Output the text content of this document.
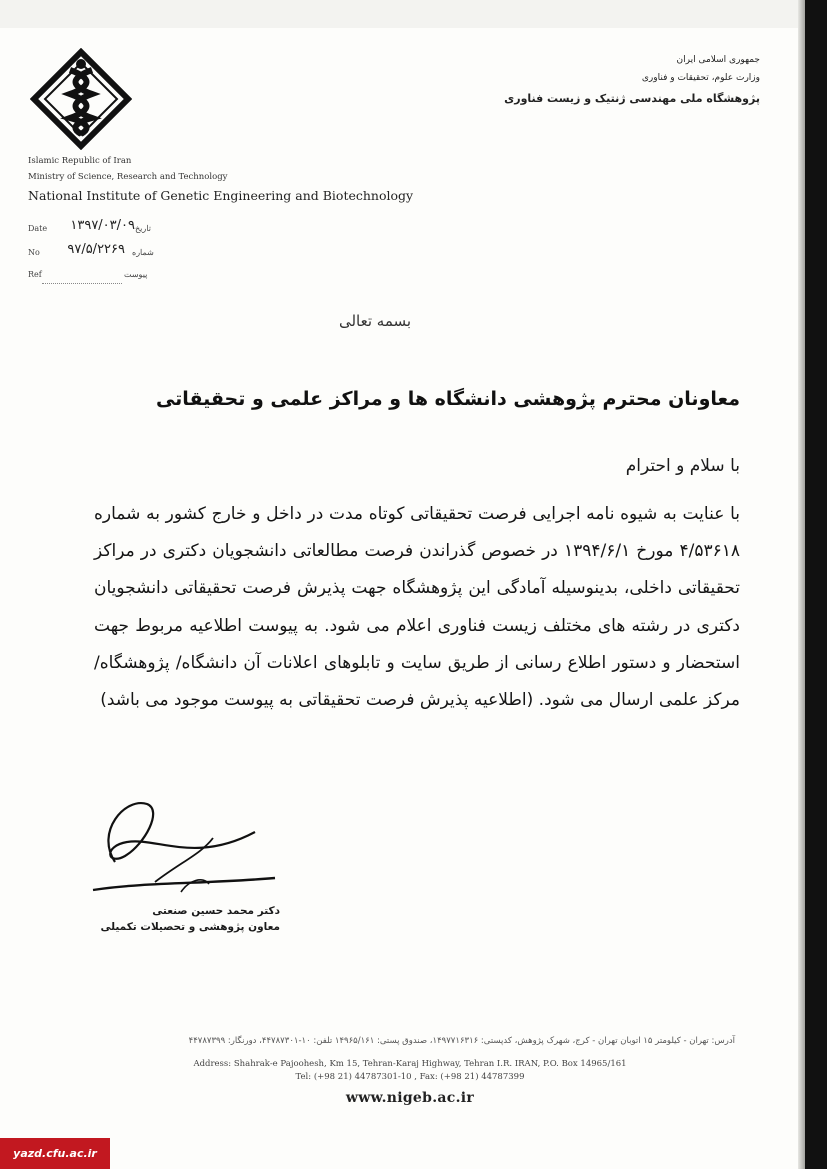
Islamic Republic of Iran
Ministry of Science, Research and Technology
National Institute of Genetic Engineering and Biotechnology
جمهوری اسلامی ایران
وزارت علوم، تحقیقات و فناوری
پژوهشگاه ملی مهندسی ژنتیک و زیست فناوری
Date	۱۳۹۷/۰۳/۰۹ تاریخ
No	۹۷/۵/۲۲۶۹ شماره
Ref	پیوست
بسمه تعالی
معاونان محترم پژوهشی دانشگاه ها و مراکز علمی و تحقیقاتی
با سلام و احترام
با عنایت به شیوه نامه اجرایی فرصت تحقیقاتی کوتاه مدت در داخل و خارج کشور به شماره ۴/۵۳۶۱۸ مورخ ۱۳۹۴/۶/۱ در خصوص گذراندن فرصت مطالعاتی دانشجویان دکتری در مراکز تحقیقاتی داخلی، بدینوسیله آمادگی این پژوهشگاه جهت پذیرش فرصت تحقیقاتی دانشجویان دکتری در رشته های مختلف زیست فناوری اعلام می شود. به پیوست اطلاعیه مربوط جهت استحضار و دستور اطلاع رسانی از طریق سایت و تابلوهای اعلانات آن دانشگاه/ پژوهشگاه/ مرکز علمی ارسال می شود. (اطلاعیه پذیرش فرصت تحقیقاتی به پیوست موجود می باشد)
دکتر محمد حسین صنعتی
معاون پژوهشی و تحصیلات تکمیلی
آدرس: تهران - کیلومتر ۱۵ اتوبان تهران - کرج، شهرک پژوهش، کدپستی: ۱۴۹۷۷۱۶۳۱۶، صندوق پستی: ۱۴۹۶۵/۱۶۱ تلفن: ۱۰-۴۴۷۸۷۳۰۱، دورنگار: ۴۴۷۸۷۳۹۹
Address: Shahrak-e Pajoohesh, Km 15, Tehran-Karaj Highway, Tehran I.R. IRAN, P.O. Box 14965/161
Tel: (+98 21) 44787301-10 , Fax: (+98 21) 44787399
www.nigeb.ac.ir
yazd.cfu.ac.ir
